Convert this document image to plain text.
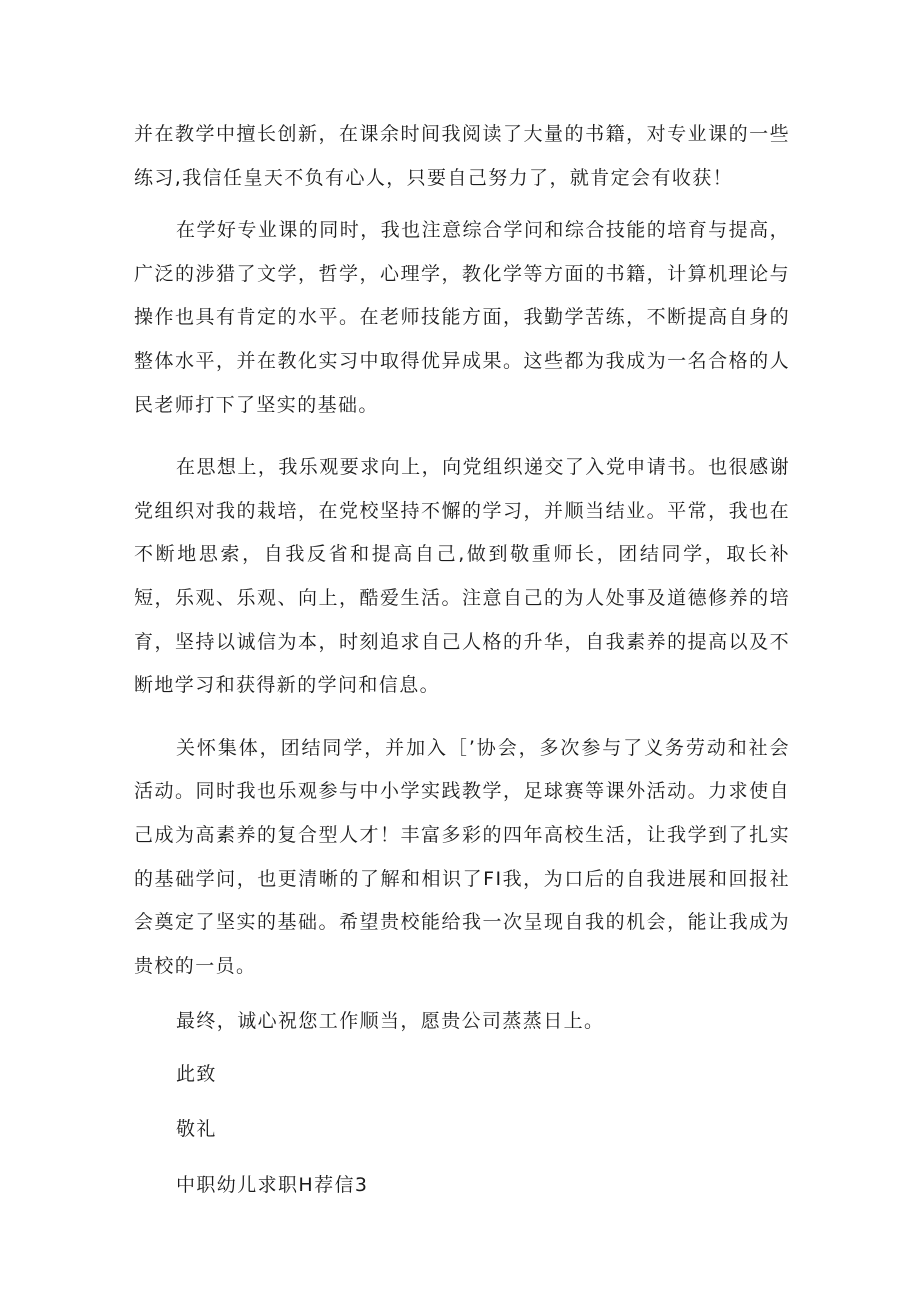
并在教学中擅长创新，在课余时间我阅读了大量的书籍，对专业课的一些练习,我信任皇天不负有心人，只要自己努力了，就肯定会有收获！

在学好专业课的同时，我也注意综合学问和综合技能的培育与提高，广泛的涉猎了文学，哲学，心理学，教化学等方面的书籍，计算机理论与操作也具有肯定的水平。在老师技能方面，我勤学苦练，不断提高自身的整体水平，并在教化实习中取得优异成果。这些都为我成为一名合格的人民老师打下了坚实的基础。

在思想上，我乐观要求向上，向党组织递交了入党申请书。也很感谢党组织对我的栽培，在党校坚持不懈的学习，并顺当结业。平常，我也在不断地思索，自我反省和提高自己,做到敬重师长，团结同学，取长补短，乐观、乐观、向上，酷爱生活。注意自己的为人处事及道德修养的培育，坚持以诚信为本，时刻追求自己人格的升华，自我素养的提高以及不断地学习和获得新的学问和信息。

关怀集体，团结同学，并加入［’协会，多次参与了义务劳动和社会活动。同时我也乐观参与中小学实践教学，足球赛等课外活动。力求使自己成为高素养的复合型人才！丰富多彩的四年高校生活，让我学到了扎实的基础学问，也更清晰的了解和相识了FI我，为口后的自我进展和回报社会奠定了坚实的基础。希望贵校能给我一次呈现自我的机会，能让我成为贵校的一员。

最终，诚心祝您工作顺当，愿贵公司蒸蒸日上。

此致

敬礼

中职幼儿求职H荐信3
